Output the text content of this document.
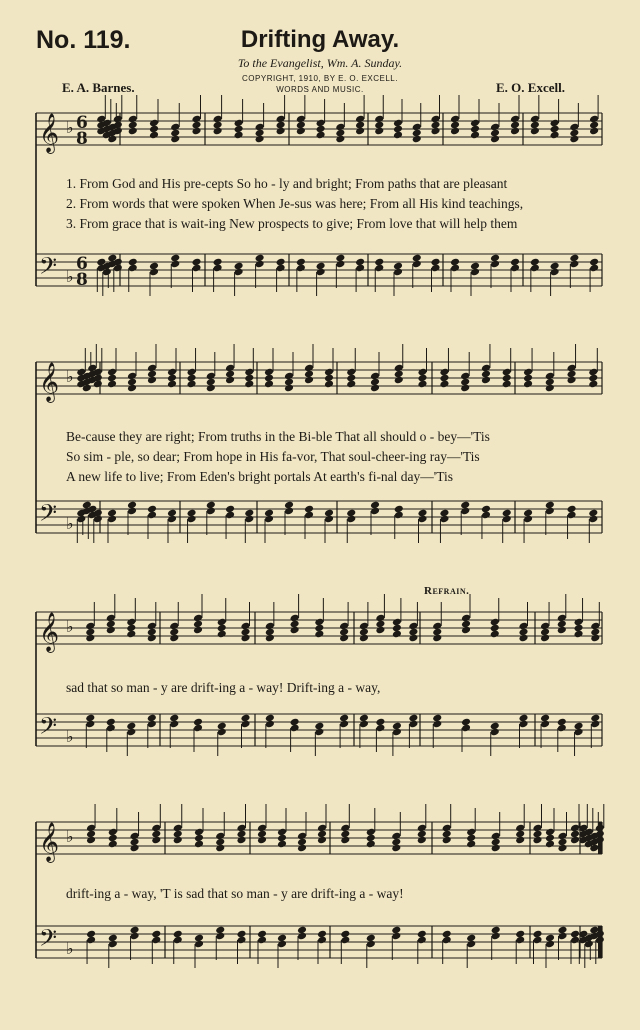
No. 119.	Drifting Away.
To the Evangelist, Wm. A. Sunday.
COPYRIGHT, 1910, BY E. O. EXCELL.
WORDS AND MUSIC.
E. A. Barnes.	E. O. Excell.
Refrain.
𝄞
𝄢
♭
♭
6
8
6
8
𝄞
𝄢
♭
♭
𝄞
𝄢
♭
♭
𝄞
𝄢
♭
♭
1. From God and His pre-cepts So ho - ly and bright; From paths that are pleasant
2. From words that were spoken When Je-sus was here; From all His kind teachings,
3. From grace that is wait-ing New prospects to give; From love that will help them
Be-cause they are right; From truths in the Bi-ble That all should o - bey—'Tis
So sim - ple, so dear; From hope in His fa-vor, That soul-cheer-ing ray—'Tis
A new life to live; From Eden's bright portals At earth's fi-nal day—'Tis
sad that so man - y are drift-ing a - way! Drift-ing a - way,
drift-ing a - way, 'T is sad that so man - y are drift-ing a - way!
